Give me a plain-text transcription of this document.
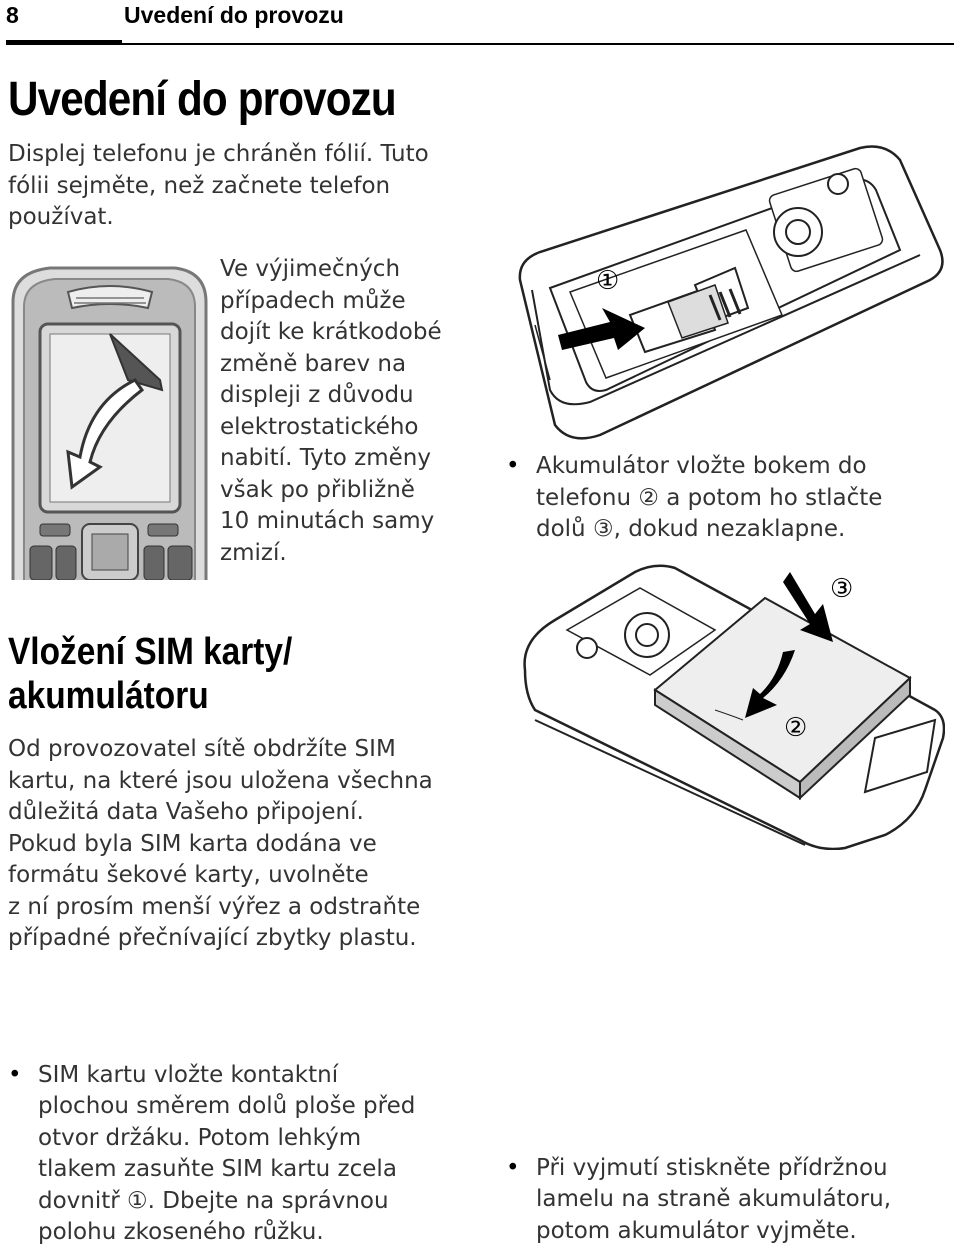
8	Uvedení do provozu
Uvedení do provozu
Displej telefonu je chráněn fólií. Tuto
fólii sejměte, než začnete telefon
používat.
Ve výjimečných
případech může
dojít ke krátkodobé
změně barev na
displeji z důvodu
elektrostatického
nabití. Tyto změny
však po přibližně
10 minutách samy
zmizí.
①
• Akumulátor vložte bokem do
telefonu ② a potom ho stlačte
dolů ③, dokud nezaklapne.
③
②
Vložení SIM karty/
akumulátoru
Od provozovatel sítě obdržíte SIM
kartu, na které jsou uložena všechna
důležitá data Vašeho připojení.
Pokud byla SIM karta dodána ve
formátu šekové karty, uvolněte
z ní prosím menší výřez a odstraňte
případné přečnívající zbytky plastu.
• SIM kartu vložte kontaktní
plochou směrem dolů ploše před
otvor držáku. Potom lehkým
tlakem zasuňte SIM kartu zcela
dovnitř ①. Dbejte na správnou
polohu zkoseného růžku.
• Při vyjmutí stiskněte přídržnou
lamelu na straně akumulátoru,
potom akumulátor vyjměte.
